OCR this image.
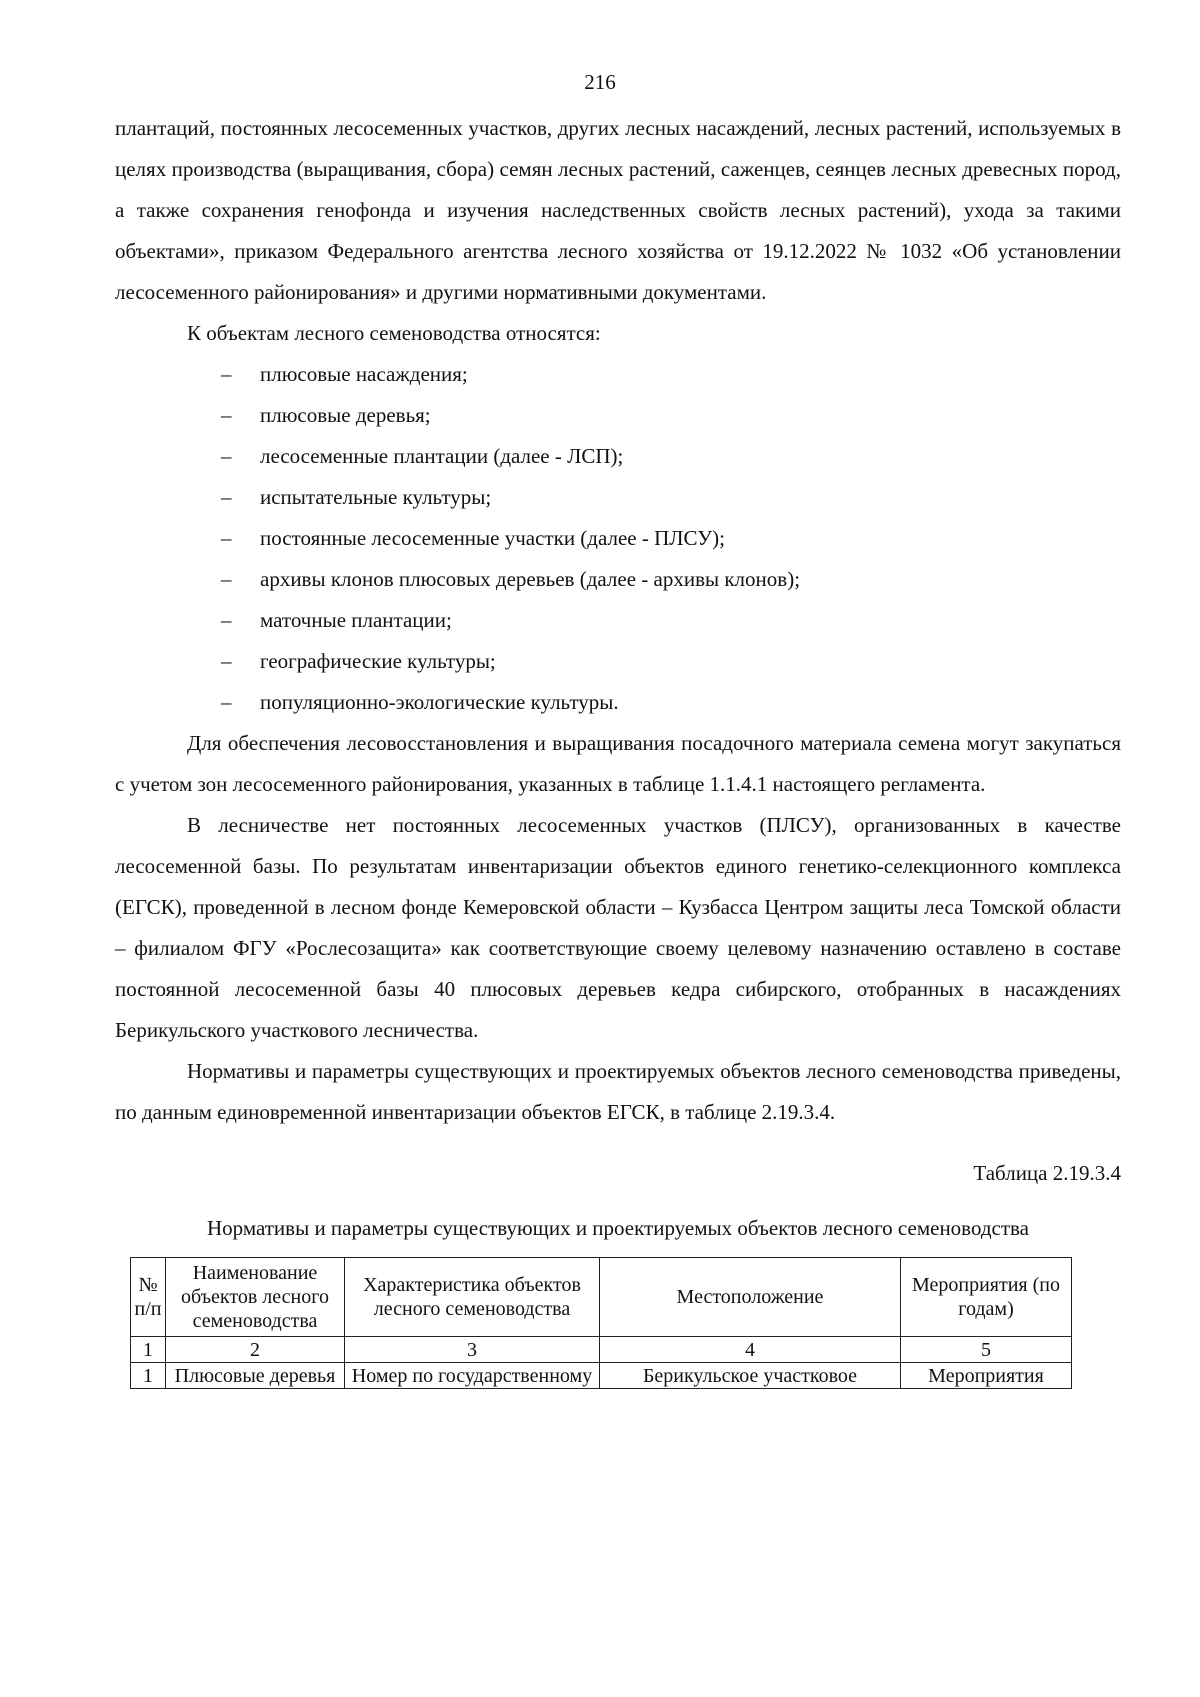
216

плантаций, постоянных лесосеменных участков, других лесных насаждений, лесных растений, используемых в целях производства (выращивания, сбора) семян лесных растений, саженцев, сеянцев лесных древесных пород, а также сохранения генофонда и изучения наследственных свойств лесных растений), ухода за такими объектами», приказом Федерального агентства лесного хозяйства от 19.12.2022 № 1032 «Об установлении лесосеменного районирования» и другими нормативными документами.

К объектам лесного семеноводства относятся:

– плюсовые насаждения;
– плюсовые деревья;
– лесосеменные плантации (далее - ЛСП);
– испытательные культуры;
– постоянные лесосеменные участки (далее - ПЛСУ);
– архивы клонов плюсовых деревьев (далее - архивы клонов);
– маточные плантации;
– географические культуры;
– популяционно-экологические культуры.

Для обеспечения лесовосстановления и выращивания посадочного материала семена могут закупаться с учетом зон лесосеменного районирования, указанных в таблице 1.1.4.1 настоящего регламента.

В лесничестве нет постоянных лесосеменных участков (ПЛСУ), организованных в качестве лесосеменной базы. По результатам инвентаризации объектов единого генетико-селекционного комплекса (ЕГСК), проведенной в лесном фонде Кемеровской области – Кузбасса Центром защиты леса Томской области – филиалом ФГУ «Рослесозащита» как соответствующие своему целевому назначению оставлено в составе постоянной лесосеменной базы 40 плюсовых деревьев кедра сибирского, отобранных в насаждениях Берикульского участкового лесничества.

Нормативы и параметры существующих и проектируемых объектов лесного семеноводства приведены, по данным единовременной инвентаризации объектов ЕГСК, в таблице 2.19.3.4.

Таблица 2.19.3.4

Нормативы и параметры существующих и проектируемых объектов лесного семеноводства

№ п/п	Наименование объектов лесного семеноводства	Характеристика объектов лесного семеноводства	Местоположение	Мероприятия (по годам)
1	2	3	4	5
1	Плюсовые деревья	Номер по государственному	Берикульское участковое	Мероприятия
